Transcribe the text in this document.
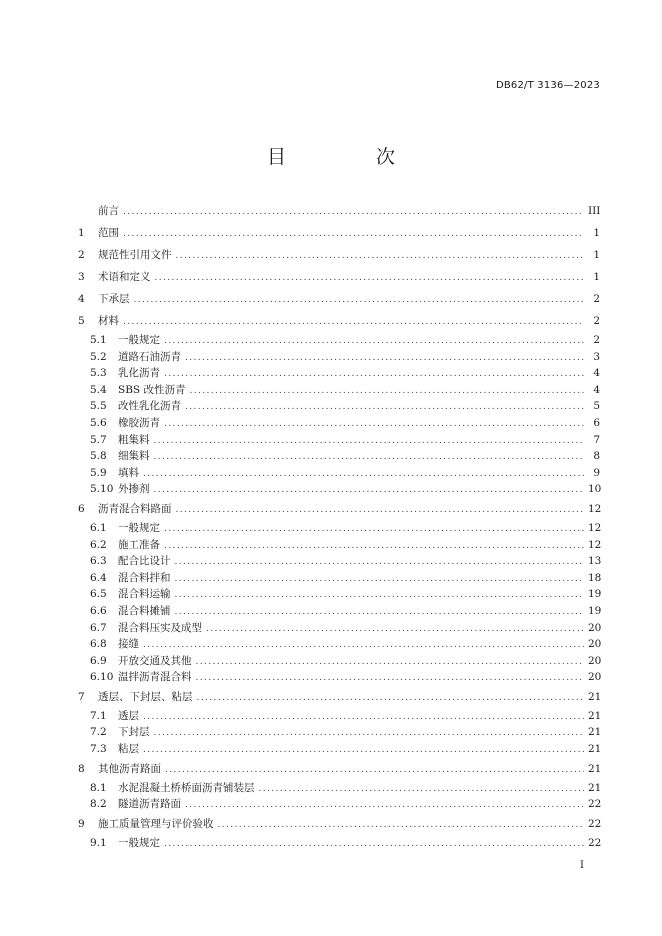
DB62/T 3136—2023
目 次
前言 .....	III
1	范围 .....	1
2	规范性引用文件 .....	1
3	术语和定义 .....	1
4	下承层 .....	2
5	材料 .....	2
5.1	一般规定 .....	2
5.2	道路石油沥青 .....	3
5.3	乳化沥青 .....	4
5.4	SBS 改性沥青 .....	4
5.5	改性乳化沥青 .....	5
5.6	橡胶沥青 .....	6
5.7	粗集料 .....	7
5.8	细集料 .....	8
5.9	填料 .....	9
5.10 外掺剂 .....	10
6	沥青混合料路面 .....	12
6.1	一般规定 .....	12
6.2	施工准备 .....	12
6.3	配合比设计 .....	13
6.4	混合料拌和 .....	18
6.5	混合料运输 .....	19
6.6	混合料摊铺 .....	19
6.7	混合料压实及成型 .....	20
6.8	接缝 .....	20
6.9	开放交通及其他 .....	20
6.10 温拌沥青混合料 .....	20
7	透层、下封层、粘层 .....	21
7.1	透层 .....	21
7.2	下封层 .....	21
7.3	粘层 .....	21
8	其他沥青路面 .....	21
8.1	水泥混凝土桥桥面沥青铺装层 .....	21
8.2	隧道沥青路面 .....	22
9	施工质量管理与评价验收 .....	22
9.1	一般规定 .....	22
I
